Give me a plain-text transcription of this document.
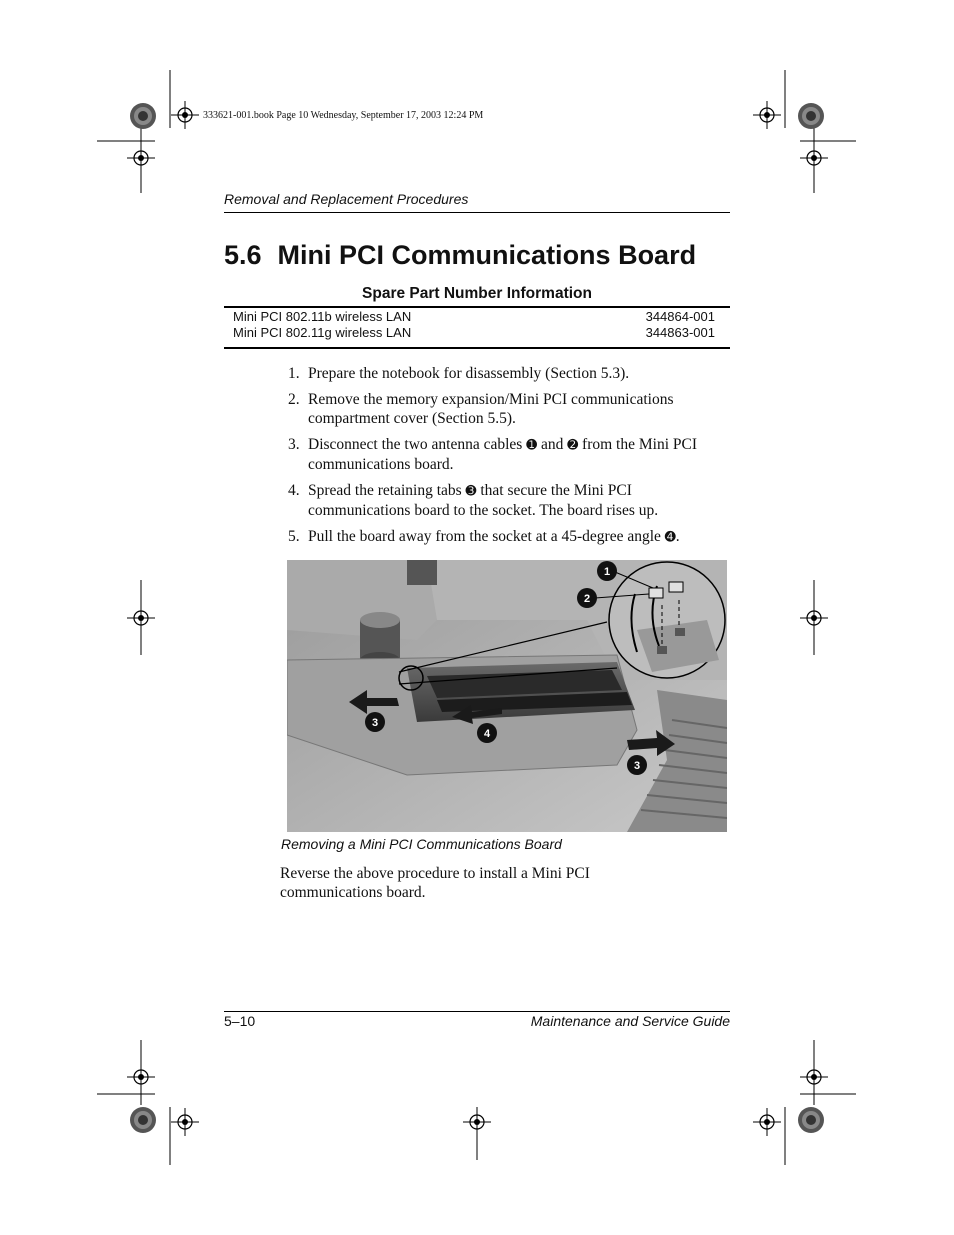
333621-001.book Page 10 Wednesday, September 17, 2003 12:24 PM
Removal and Replacement Procedures
5.6 Mini PCI Communications Board
Spare Part Number Information
Mini PCI 802.11b wireless LAN	344864-001
Mini PCI 802.11g wireless LAN	344863-001
1. Prepare the notebook for disassembly (Section 5.3).
2. Remove the memory expansion/Mini PCI communications compartment cover (Section 5.5).
3. Disconnect the two antenna cables ➊ and ➋ from the Mini PCI communications board.
4. Spread the retaining tabs ➌ that secure the Mini PCI communications board to the socket. The board rises up.
5. Pull the board away from the socket at a 45-degree angle ➍.
1
2
3
4
3
Removing a Mini PCI Communications Board
Reverse the above procedure to install a Mini PCI communications board.
5–10	Maintenance and Service Guide
